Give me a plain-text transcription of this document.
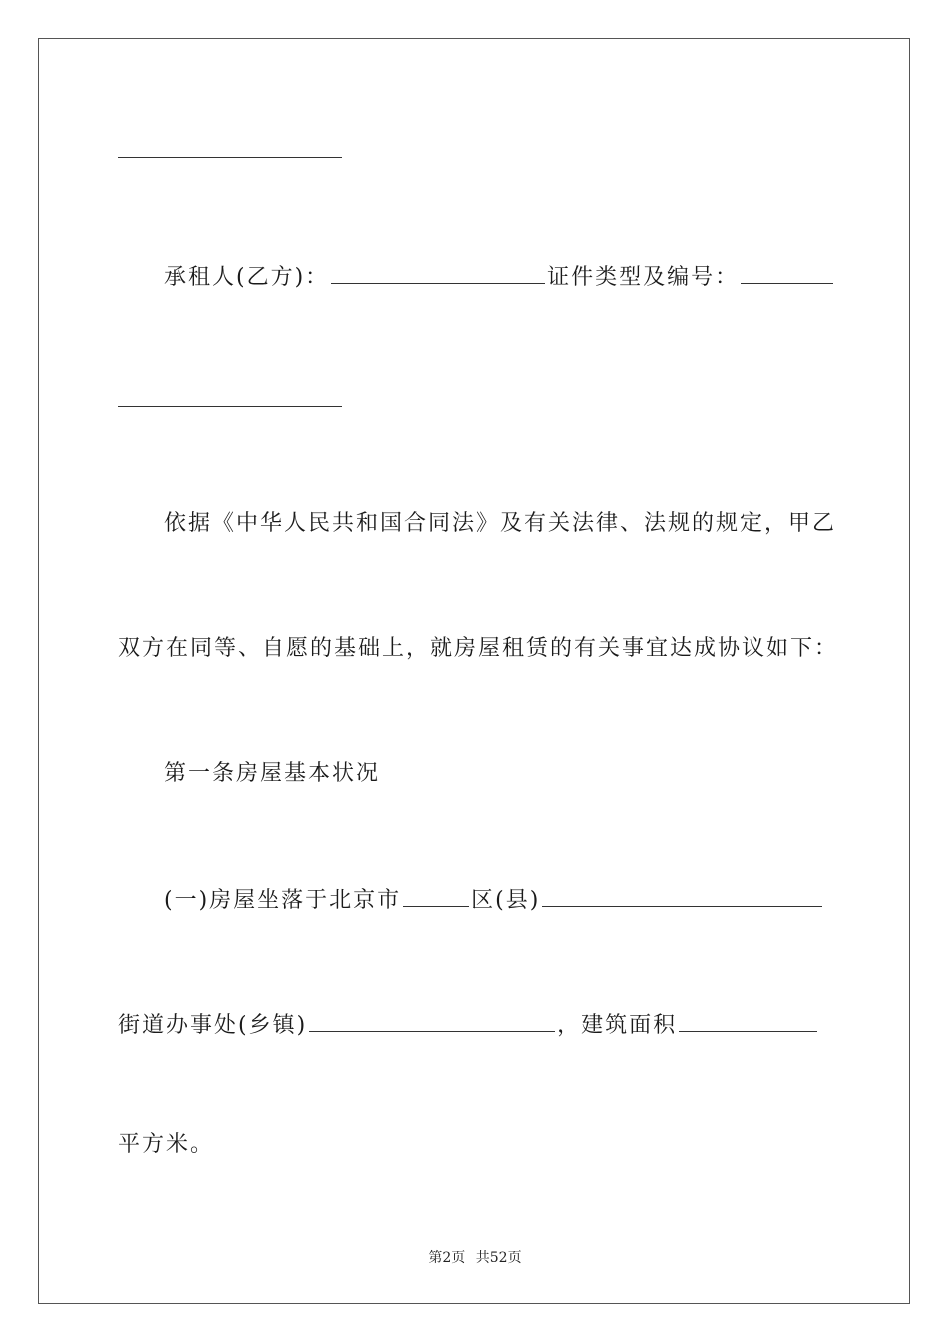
承租人(乙方)：	证件类型及编号：
依据《中华人民共和国合同法》及有关法律、法规的规定，甲乙
双方在同等、自愿的基础上，就房屋租赁的有关事宜达成协议如下：
第一条房屋基本状况
(一)房屋坐落于北京市	区(县)
街道办事处(乡镇)	，建筑面积
平方米。
第2页 共52页
